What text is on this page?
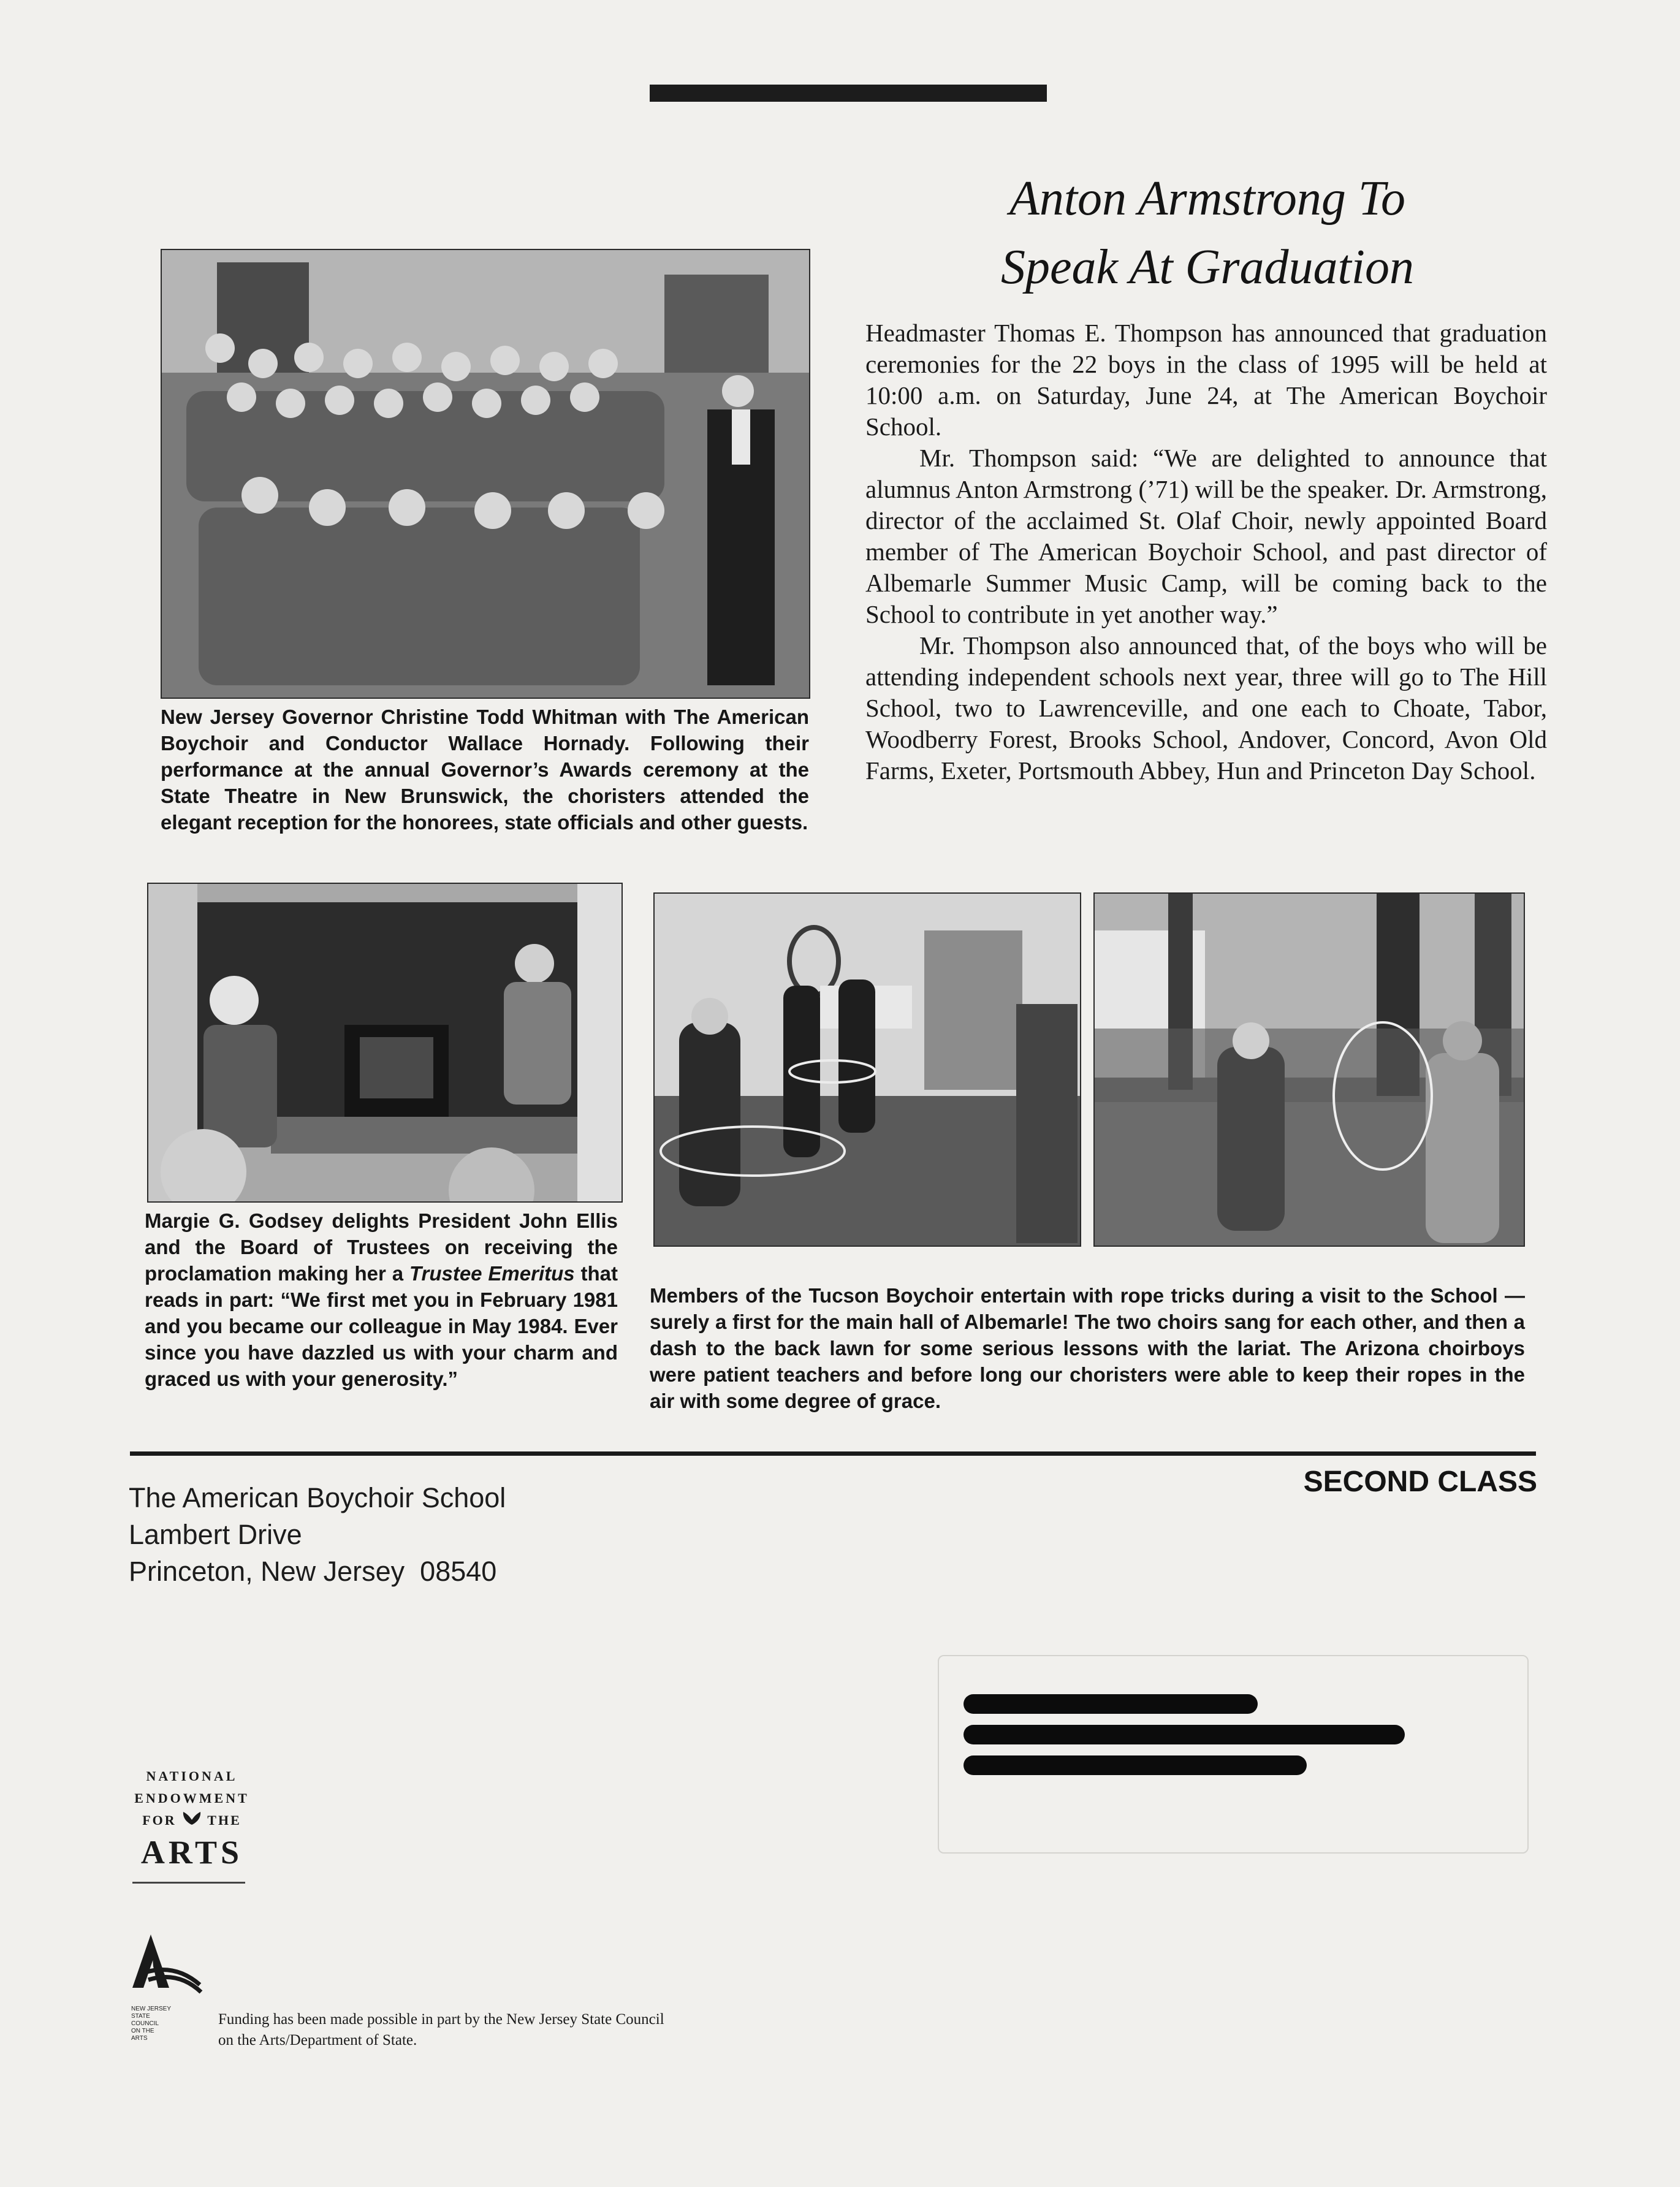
Anton Armstrong To
Speak At Graduation

Headmaster Thomas E. Thompson has announced that graduation ceremonies for the 22 boys in the class of 1995 will be held at 10:00 a.m. on Saturday, June 24, at The American Boychoir School.

Mr. Thompson said: “We are delighted to announce that alumnus Anton Armstrong (’71) will be the speaker. Dr. Armstrong, director of the acclaimed St. Olaf Choir, newly appointed Board member of The American Boychoir School, and past director of Albemarle Summer Music Camp, will be coming back to the School to contribute in yet another way.”

Mr. Thompson also announced that, of the boys who will be attending independent schools next year, three will go to The Hill School, two to Lawrenceville, and one each to Choate, Tabor, Woodberry Forest, Brooks School, Andover, Concord, Avon Old Farms, Exeter, Portsmouth Abbey, Hun and Princeton Day School.

New Jersey Governor Christine Todd Whitman with The American Boychoir and Conductor Wallace Hornady. Following their performance at the annual Governor’s Awards ceremony at the State Theatre in New Brunswick, the choristers attended the elegant reception for the honorees, state officials and other guests.

Margie G. Godsey delights President John Ellis and the Board of Trustees on receiving the proclamation making her a Trustee Emeritus that reads in part: “We first met you in February 1981 and you became our colleague in May 1984. Ever since you have dazzled us with your charm and graced us with your generosity.”

Members of the Tucson Boychoir entertain with rope tricks during a visit to the School — surely a first for the main hall of Albemarle! The two choirs sang for each other, and then a dash to the back lawn for some serious lessons with the lariat. The Arizona choirboys were patient teachers and before long our choristers were able to keep their ropes in the air with some degree of grace.

SECOND CLASS
The American Boychoir School
Lambert Drive
Princeton, New Jersey  08540
NATIONAL
ENDOWMENT
FOR THE
ARTS
NEW JERSEY
STATE
COUNCIL
ON THE
ARTS
Funding has been made possible in part by the New Jersey State Council
on the Arts/Department of State.
